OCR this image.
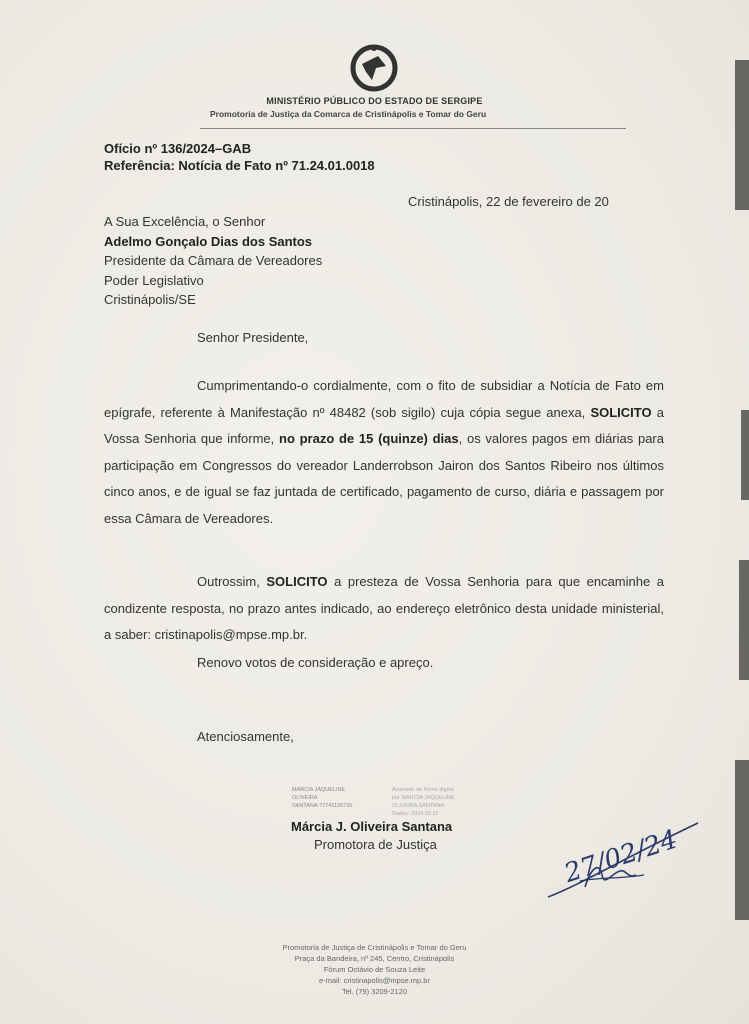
MINISTÉRIO PÚBLICO DO ESTADO DE SERGIPE
Promotoria de Justiça da Comarca de Cristinápolis e Tomar do Geru
Ofício nº 136/2024–GAB
Referência: Notícia de Fato nº 71.24.01.0018
Cristinápolis, 22 de fevereiro de 20
A Sua Excelência, o Senhor
Adelmo Gonçalo Dias dos Santos
Presidente da Câmara de Vereadores
Poder Legislativo
Cristinápolis/SE
Senhor Presidente,
Cumprimentando-o cordialmente, com o fito de subsidiar a Notícia de Fato em epígrafe, referente à Manifestação nº 48482 (sob sigilo) cuja cópia segue anexa, SOLICITO a Vossa Senhoria que informe, no prazo de 15 (quinze) dias, os valores pagos em diárias para participação em Congressos do vereador Landerrobson Jairon dos Santos Ribeiro nos últimos cinco anos, e de igual se faz juntada de certificado, pagamento de curso, diária e passagem por essa Câmara de Vereadores.
Outrossim, SOLICITO a presteza de Vossa Senhoria para que encaminhe a condizente resposta, no prazo antes indicado, ao endereço eletrônico desta unidade ministerial, a saber: cristinapolis@mpse.mp.br.
Renovo votos de consideração e apreço.
Atenciosamente,
MARCIA JAQUELINE
OLIVEIRA
SANTANA:77741130720
Assinado de forma digital
por MARCIA JAQUELINE
OLIVEIRA SANTANA
Dados: 2024.02.22
Márcia J. Oliveira Santana
Promotora de Justiça	27/02/24
Promotoria de Justiça de Cristinápolis e Tomar do Geru
Praça da Bandeira, nº 245, Centro, Cristinápolis
Fórum Octávio de Souza Leite
e-mail: cristinapolis@mpse.mp.br
Tel. (79) 3209-2120
